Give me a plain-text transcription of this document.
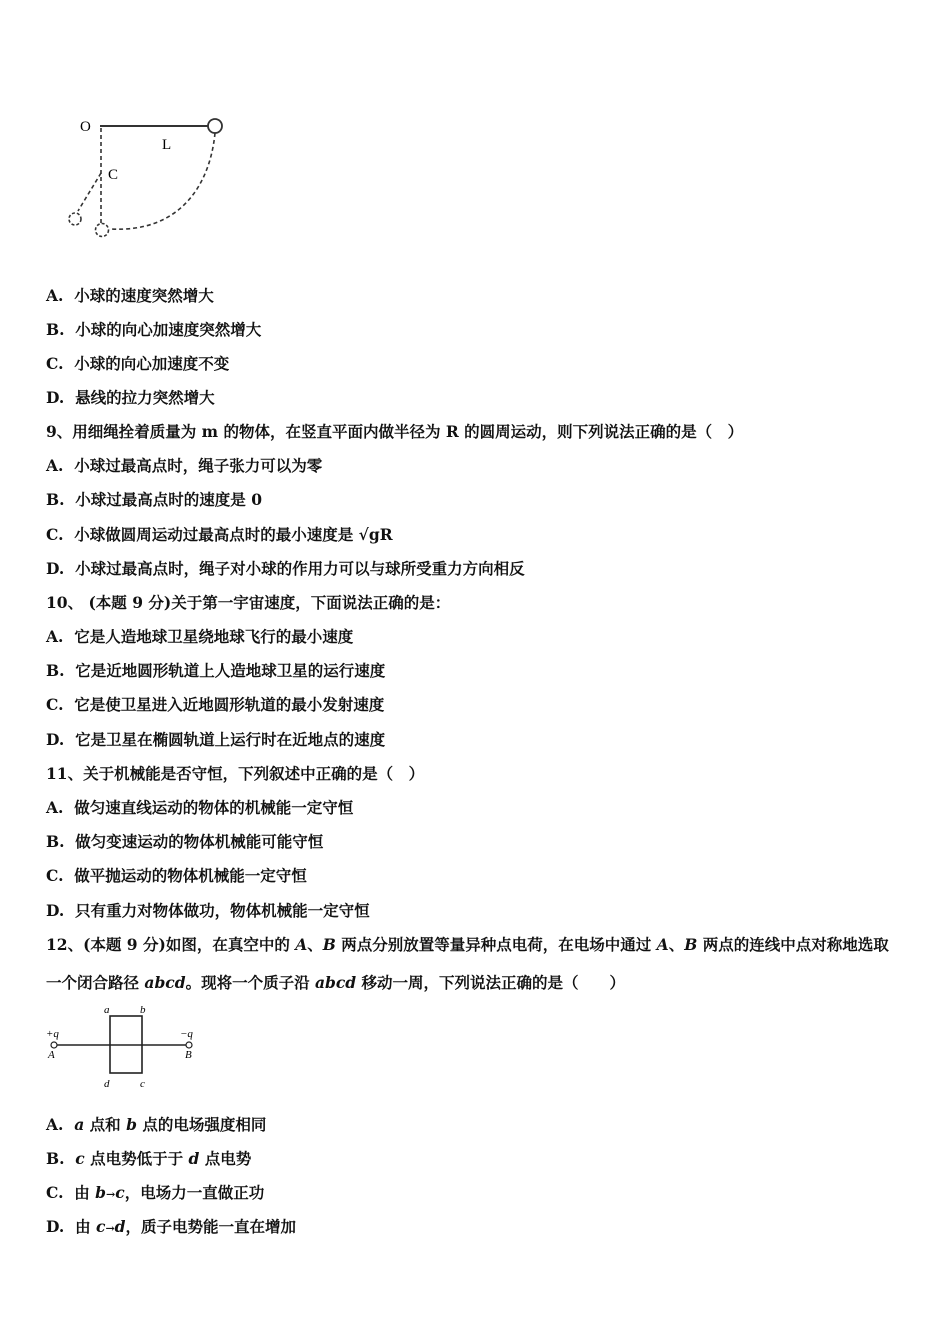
O
L
C
A. 小球的速度突然增大
B. 小球的向心加速度突然增大
C. 小球的向心加速度不变
D. 悬线的拉力突然增大
9、用细绳拴着质量为 m 的物体，在竖直平面内做半径为 R 的圆周运动，则下列说法正确的是（　）
A. 小球过最高点时，绳子张力可以为零
B. 小球过最高点时的速度是 0
C. 小球做圆周运动过最高点时的最小速度是 √gR
D. 小球过最高点时，绳子对小球的作用力可以与球所受重力方向相反
10、 (本题 9 分)关于第一宇宙速度，下面说法正确的是：
A. 它是人造地球卫星绕地球飞行的最小速度
B. 它是近地圆形轨道上人造地球卫星的运行速度
C. 它是使卫星进入近地圆形轨道的最小发射速度
D. 它是卫星在椭圆轨道上运行时在近地点的速度
11、关于机械能是否守恒，下列叙述中正确的是（　）
A. 做匀速直线运动的物体的机械能一定守恒
B. 做匀变速运动的物体机械能可能守恒
C. 做平抛运动的物体机械能一定守恒
D. 只有重力对物体做功，物体机械能一定守恒
12、(本题 9 分)如图，在真空中的 A、B 两点分别放置等量异种点电荷，在电场中通过 A、B 两点的连线中点对称地选取
一个闭合路径 abcd。现将一个质子沿 abcd 移动一周，下列说法正确的是（　　）
a	b
+q	−q
A	B
d	c
A. a 点和 b 点的电场强度相同
B. c 点电势低于于 d 点电势
C. 由 b→c，电场力一直做正功
D. 由 c→d，质子电势能一直在增加
